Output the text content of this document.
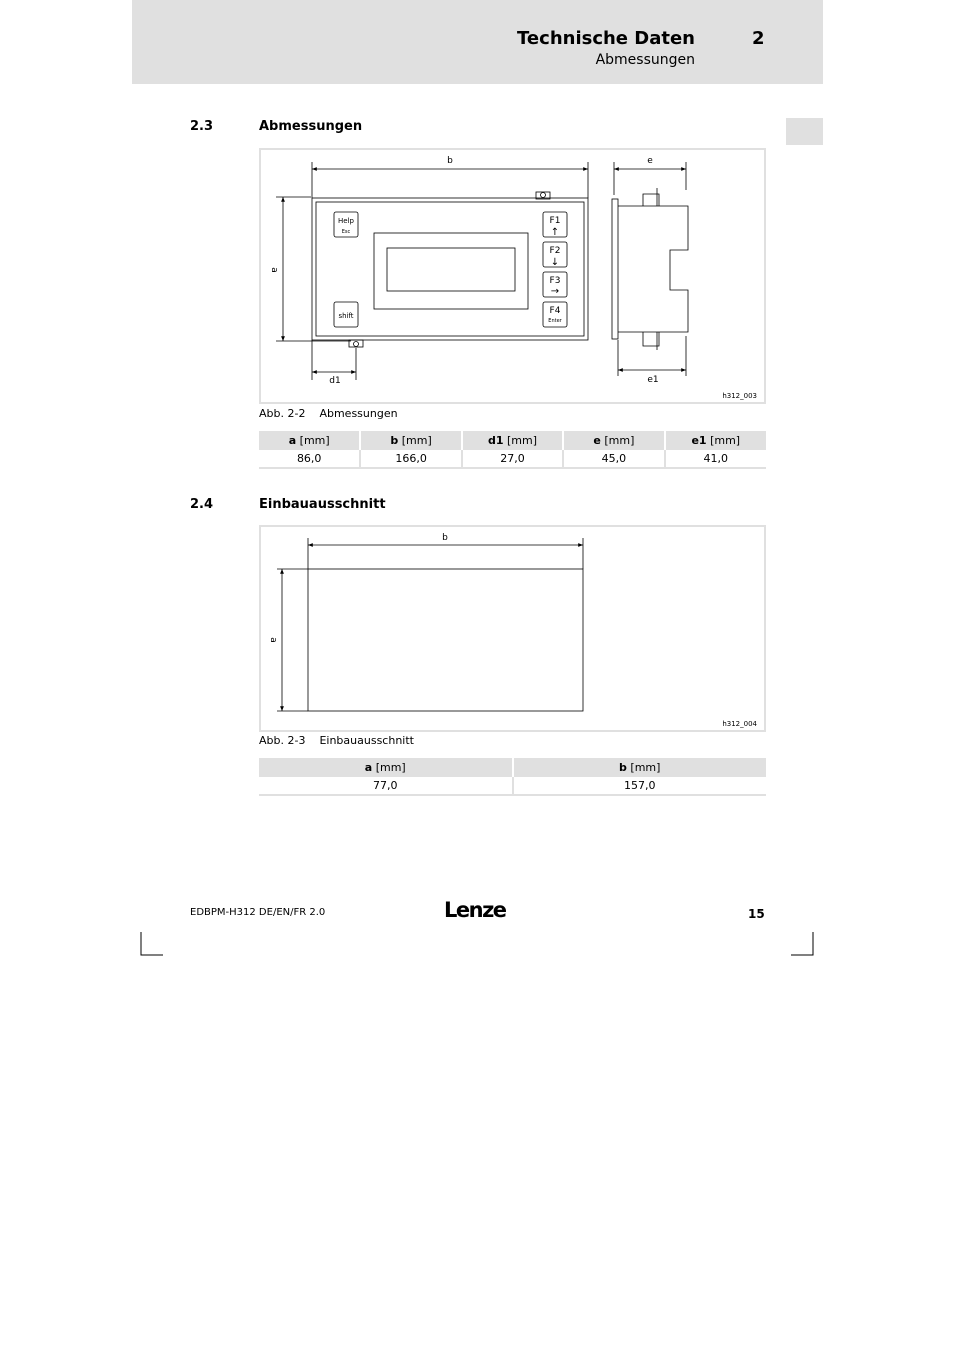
Technische Daten	2
Abmessungen
2.3	Abmessungen
b	e
a
d1	e1
Help
Esc
shift
F1
↑
F2
↓
F3
→
F4
Enter
h312_003
Abb. 2-2 Abmessungen
a [mm]	b [mm]	d1 [mm]	e [mm]	e1 [mm]
86,0	166,0	27,0	45,0	41,0
2.4	Einbauausschnitt
b
a
h312_004
Abb. 2-3 Einbauausschnitt
a [mm]	b [mm]
77,0	157,0
EDBPM-H312 DE/EN/FR 2.0	Lenze	15
